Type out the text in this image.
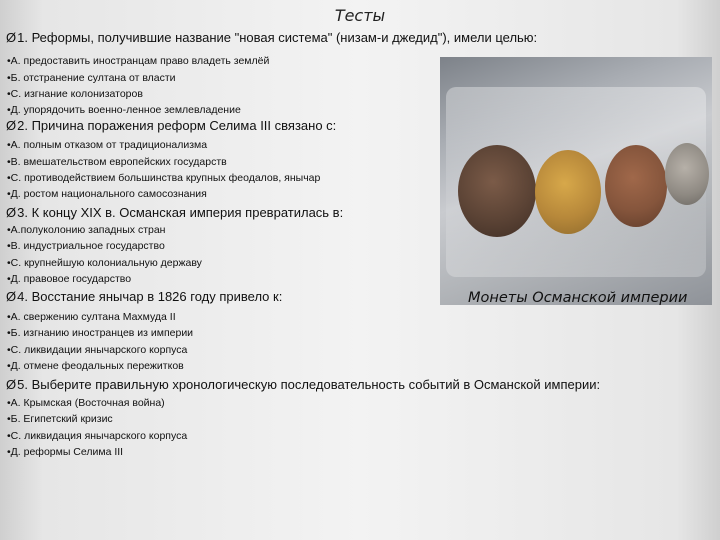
Тесты
Ø1. Реформы, получившие название "новая система" (низам-и джедид"), имели целью:
•А. предоставить иностранцам право владеть землёй
•Б. отстранение султана от власти
•С. изгнание колонизаторов
•Д. упорядочить военно-ленное землевладение
Ø2. Причина поражения реформ Селима III связано с:
•А. полным отказом от традиционализма
•В. вмешательством европейских государств
•С. противодействием большинства крупных феодалов, янычар
•Д. ростом национального самосознания
Ø3. К концу XIX в. Османская империя превратилась в:
•А.полуколонию западных стран
•В. индустриальное государство
•С. крупнейшую колониальную державу
•Д. правовое государство
Ø4. Восстание янычар в 1826 году привело к:
•А. свержению султана Махмуда II
•Б. изгнанию иностранцев из империи
•С. ликвидации янычарского корпуса
•Д. отмене феодальных пережитков
Ø5. Выберите правильную хронологическую последовательность событий в Османской империи:
•А. Крымская (Восточная война)
•Б. Египетский кризис
•С. ликвидация янычарского корпуса
•Д. реформы Селима III
Монеты Османской империи
